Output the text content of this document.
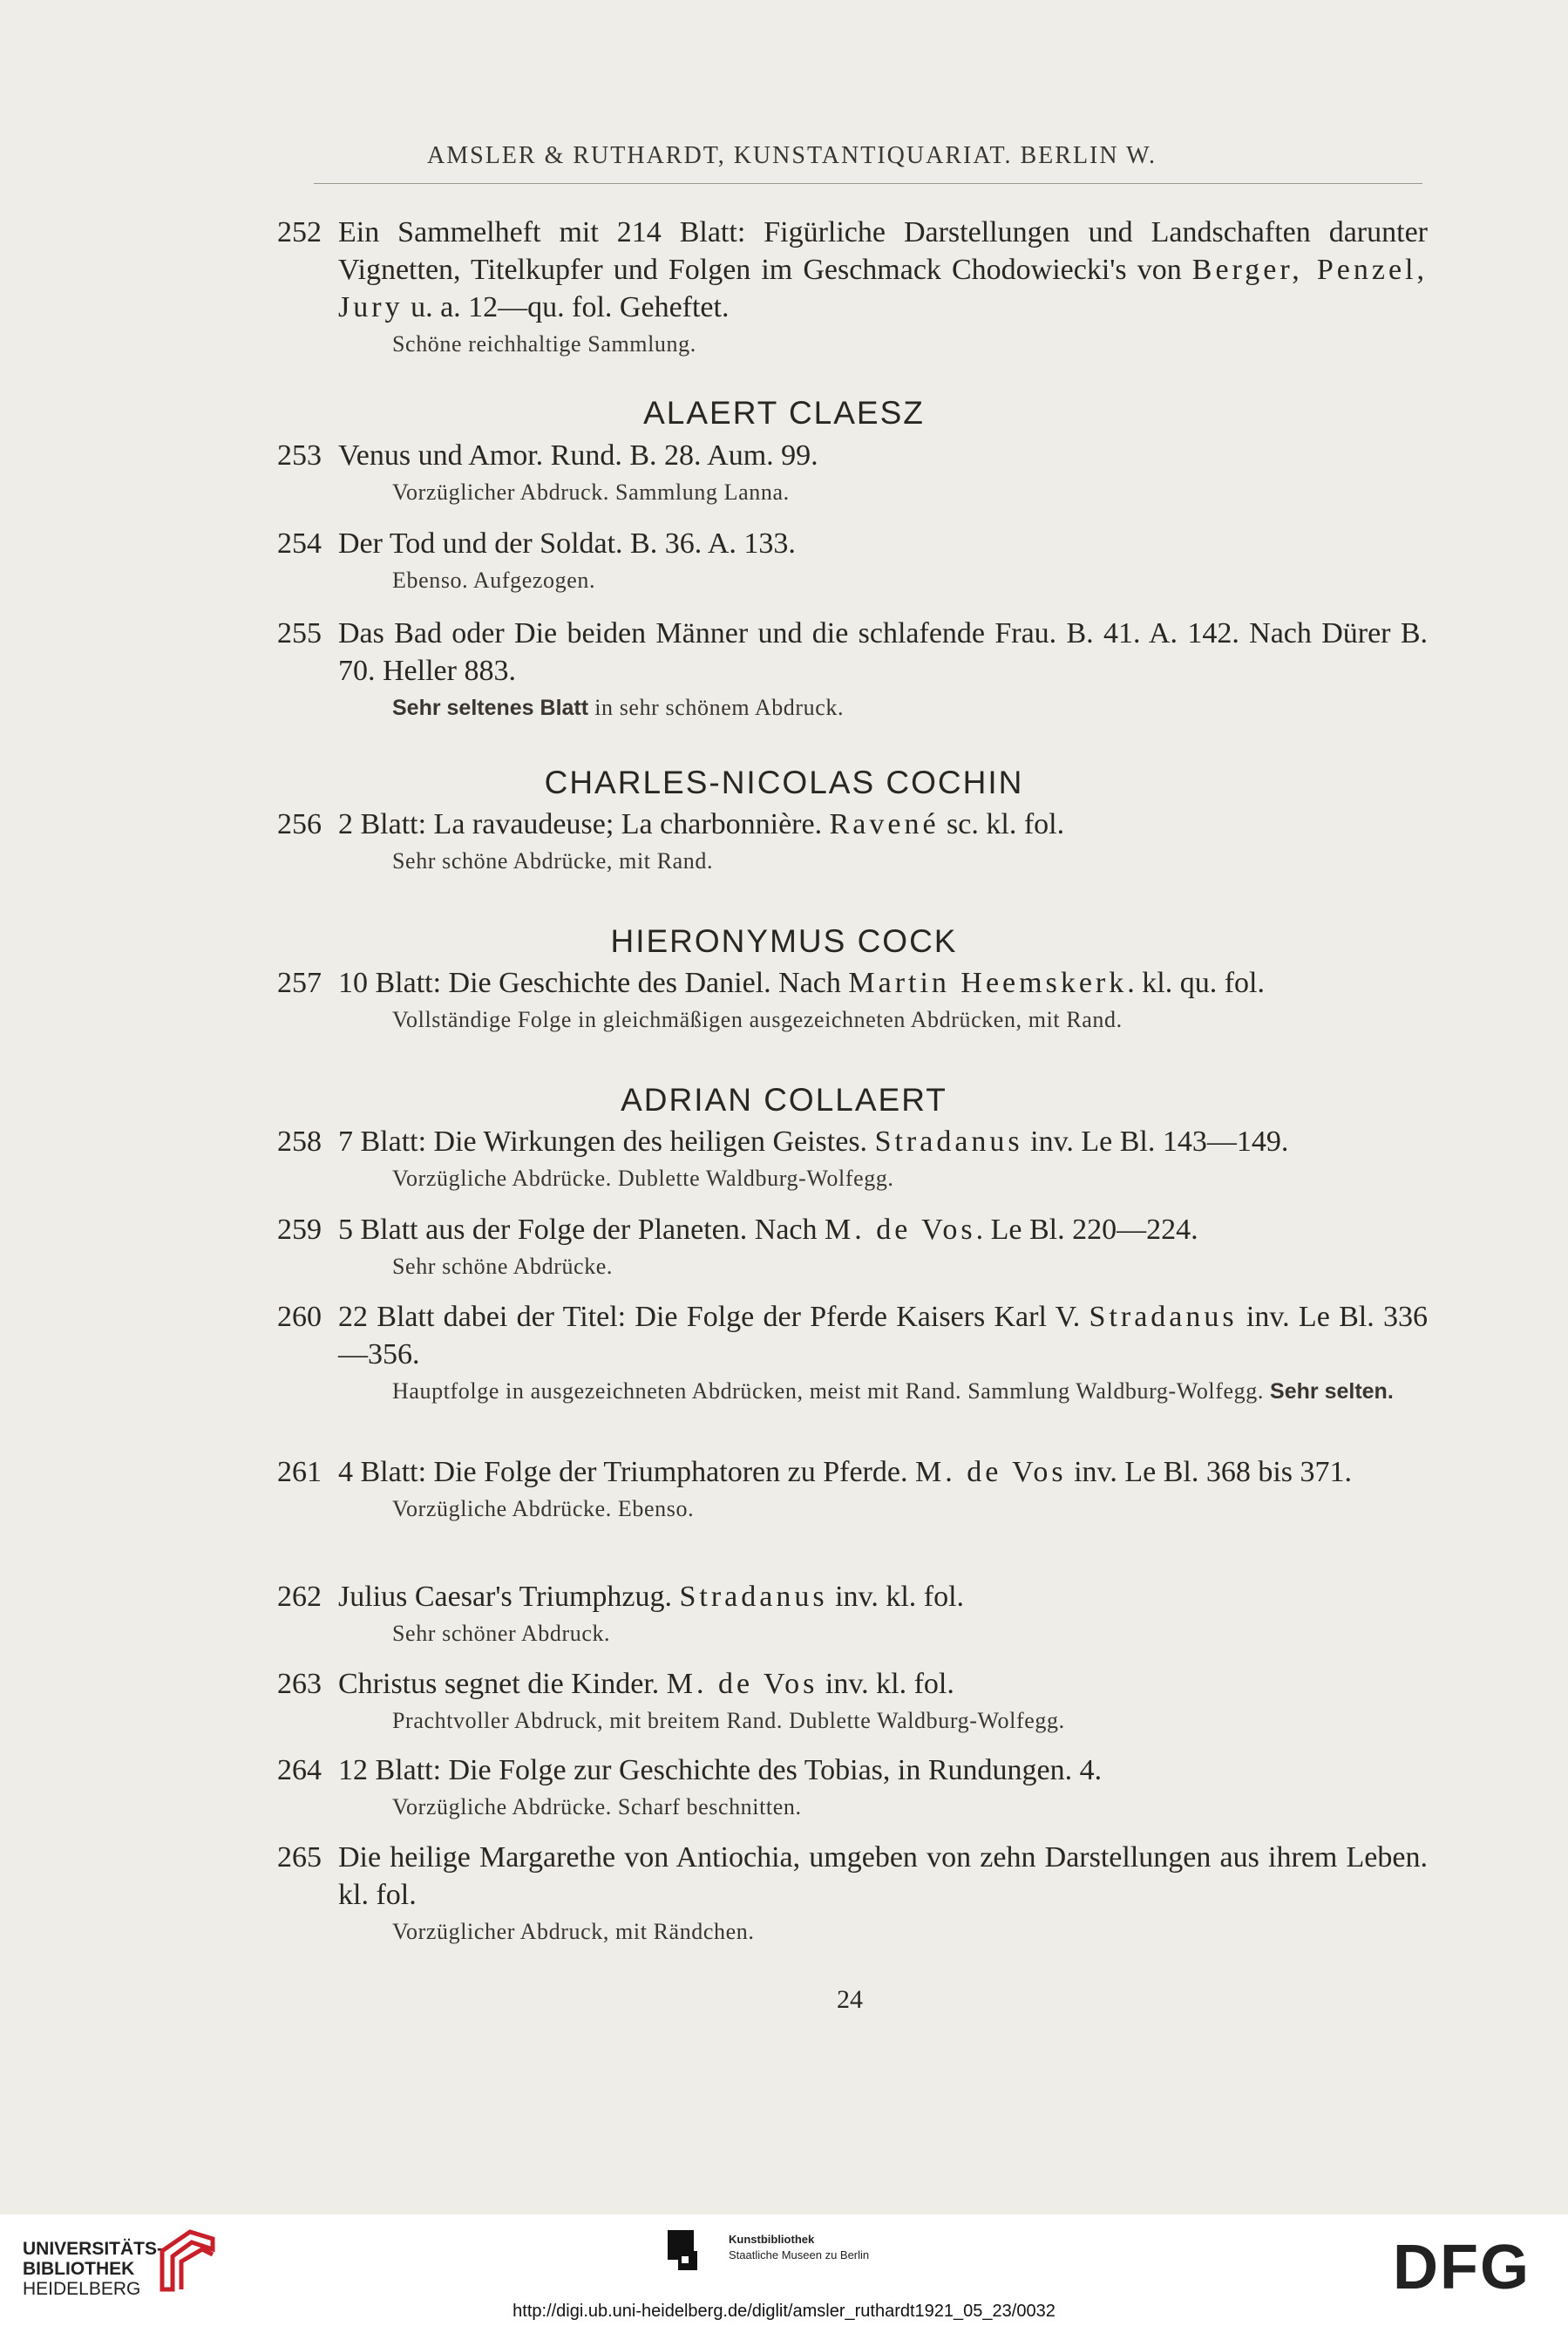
AMSLER & RUTHARDT, KUNSTANTIQUARIAT. BERLIN W.
252 Ein Sammelheft mit 214 Blatt: Figürliche Darstellungen und Landschaften darunter Vignetten, Titelkupfer und Folgen im Geschmack Chodowiecki's von Berger, Penzel, Jury u. a. 12—qu. fol. Geheftet.
Schöne reichhaltige Sammlung.
ALAERT CLAESZ
253 Venus und Amor. Rund. B. 28. Aum. 99.
Vorzüglicher Abdruck. Sammlung Lanna.
254 Der Tod und der Soldat. B. 36. A. 133.
Ebenso. Aufgezogen.
255 Das Bad oder Die beiden Männer und die schlafende Frau. B. 41. A. 142. Nach Dürer B. 70. Heller 883.
Sehr seltenes Blatt in sehr schönem Abdruck.
CHARLES-NICOLAS COCHIN
256 2 Blatt: La ravaudeuse; La charbonnière. Ravené sc. kl. fol.
Sehr schöne Abdrücke, mit Rand.
HIERONYMUS COCK
257 10 Blatt: Die Geschichte des Daniel. Nach Martin Heemskerk. kl. qu. fol.
Vollständige Folge in gleichmäßigen ausgezeichneten Abdrücken, mit Rand.
ADRIAN COLLAERT
258 7 Blatt: Die Wirkungen des heiligen Geistes. Stradanus inv. Le Bl. 143—149.
Vorzügliche Abdrücke. Dublette Waldburg-Wolfegg.
259 5 Blatt aus der Folge der Planeten. Nach M. de Vos. Le Bl. 220—224.
Sehr schöne Abdrücke.
260 22 Blatt dabei der Titel: Die Folge der Pferde Kaisers Karl V. Stradanus inv. Le Bl. 336—356.
Hauptfolge in ausgezeichneten Abdrücken, meist mit Rand. Sammlung Waldburg-Wolfegg. Sehr selten.
261 4 Blatt: Die Folge der Triumphatoren zu Pferde. M. de Vos inv. Le Bl. 368 bis 371.
Vorzügliche Abdrücke. Ebenso.
262 Julius Caesar's Triumphzug. Stradanus inv. kl. fol.
Sehr schöner Abdruck.
263 Christus segnet die Kinder. M. de Vos inv. kl. fol.
Prachtvoller Abdruck, mit breitem Rand. Dublette Waldburg-Wolfegg.
264 12 Blatt: Die Folge zur Geschichte des Tobias, in Rundungen. 4.
Vorzügliche Abdrücke. Scharf beschnitten.
265 Die heilige Margarethe von Antiochia, umgeben von zehn Darstellungen aus ihrem Leben. kl. fol.
Vorzüglicher Abdruck, mit Rändchen.
24
UNIVERSITÄTS-
BIBLIOTHEK
HEIDELBERG
Kunstbibliothek
Staatliche Museen zu Berlin	DFG
http://digi.ub.uni-heidelberg.de/diglit/amsler_ruthardt1921_05_23/0032
